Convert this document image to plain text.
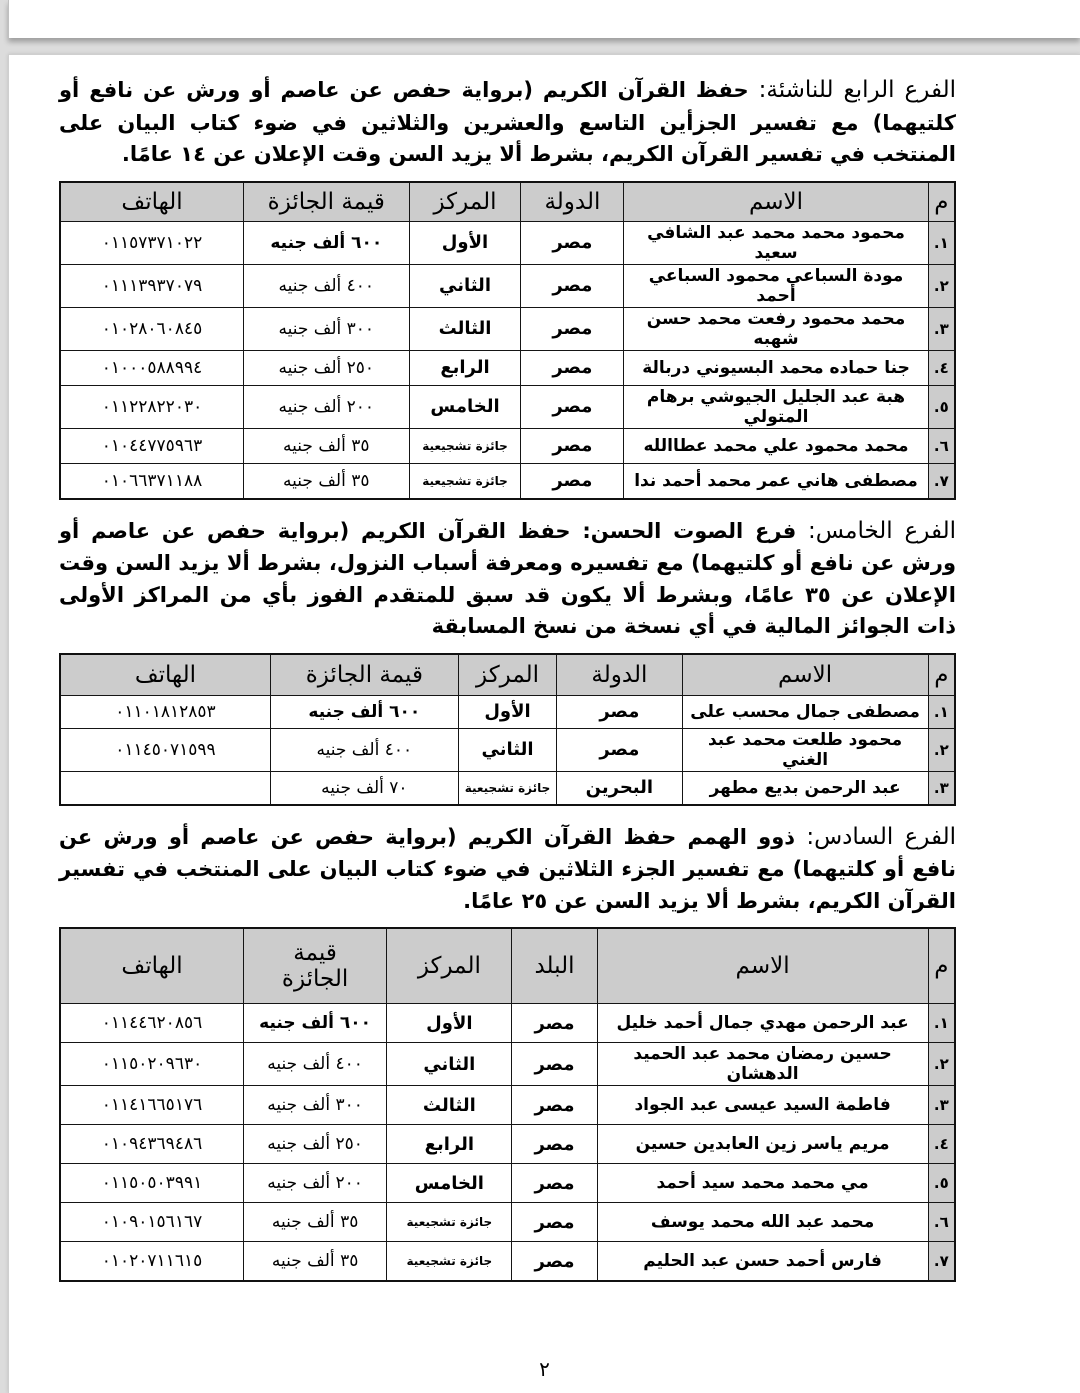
الفرع الرابع للناشئة: حفظ القرآن الكريم (برواية حفص عن عاصم أو ورش عن نافع أو كلتيهما) مع تفسير الجزأين التاسع والعشرين والثلاثين في ضوء كتاب البيان على المنتخب في تفسير القرآن الكريم، بشرط ألا يزيد السن وقت الإعلان عن ١٤ عامًا.

م	الاسم	الدولة	المركز	قيمة الجائزة	الهاتف
١.	محمود محمد محمد عبد الشافي سعيد	مصر	الأول	٦٠٠ ألف جنيه	٠١١٥٧٣٧١٠٢٢
٢.	مودة السباعي محمود السباعي أحمد	مصر	الثاني	٤٠٠ ألف جنيه	٠١١١٣٩٣٧٠٧٩
٣.	محمد محمود رفعت محمد حسن شهبه	مصر	الثالث	٣٠٠ ألف جنيه	٠١٠٢٨٠٦٠٨٤٥
٤.	جنا حماده محمد البسيوني دربالة	مصر	الرابع	٢٥٠ ألف جنيه	٠١٠٠٠٥٨٨٩٩٤
٥.	هبة عبد الجليل الجيوشي برهام المتولي	مصر	الخامس	٢٠٠ ألف جنيه	٠١١٢٢٨٢٢٠٣٠
٦.	محمد محمود علي محمد عطاالله	مصر	جائزة تشجيعية	٣٥ ألف جنيه	٠١٠٤٤٧٧٥٩٦٣
٧.	مصطفى هاني عمر محمد أحمد ندا	مصر	جائزة تشجيعية	٣٥ ألف جنيه	٠١٠٦٦٣٧١١٨٨

الفرع الخامس: فرع الصوت الحسن: حفظ القرآن الكريم (برواية حفص عن عاصم أو ورش عن نافع أو كلتيهما) مع تفسيره ومعرفة أسباب النزول، بشرط ألا يزيد السن وقت الإعلان عن ٣٥ عامًا، وبشرط ألا يكون قد سبق للمتقدم الفوز بأي من المراكز الأولى ذات الجوائز المالية في أي نسخة من نسخ المسابقة

م	الاسم	الدولة	المركز	قيمة الجائزة	الهاتف
١.	مصطفى جمال محسب على	مصر	الأول	٦٠٠ ألف جنيه	٠١١٠١٨١٢٨٥٣
٢.	محمود طلعت محمد عبد الغني	مصر	الثاني	٤٠٠ ألف جنيه	٠١١٤٥٠٧١٥٩٩
٣.	عبد الرحمن بديع مطهر	البحرين	جائزة تشجيعية	٧٠ ألف جنيه	

الفرع السادس: ذوو الهمم حفظ القرآن الكريم (برواية حفص عن عاصم أو ورش عن نافع أو كلتيهما) مع تفسير الجزء الثلاثين في ضوء كتاب البيان على المنتخب في تفسير القرآن الكريم، بشرط ألا يزيد السن عن ٢٥ عامًا.

م	الاسم	البلد	المركز	قيمة الجائزة	الهاتف
١.	عبد الرحمن مهدي جمال أحمد خليل	مصر	الأول	٦٠٠ ألف جنيه	٠١١٤٤٦٢٠٨٥٦
٢.	حسين رمضان محمد عبد الحميد الدهشان	مصر	الثاني	٤٠٠ ألف جنيه	٠١١٥٠٢٠٩٦٣٠
٣.	فاطمة السيد عيسى عبد الجواد	مصر	الثالث	٣٠٠ ألف جنيه	٠١١٤١٦٦٥١٧٦
٤.	مريم ياسر زين العابدين حسين	مصر	الرابع	٢٥٠ ألف جنيه	٠١٠٩٤٣٦٩٤٨٦
٥.	مي محمد محمد سيد أحمد	مصر	الخامس	٢٠٠ ألف جنيه	٠١١٥٠٥٠٣٩٩١
٦.	محمد عبد الله محمد يوسف	مصر	جائزة تشجيعية	٣٥ ألف جنيه	٠١٠٩٠١٥٦١٦٧
٧.	فارس أحمد حسن عبد الحليم	مصر	جائزة تشجيعية	٣٥ ألف جنيه	٠١٠٢٠٧١١٦١٥
٢
